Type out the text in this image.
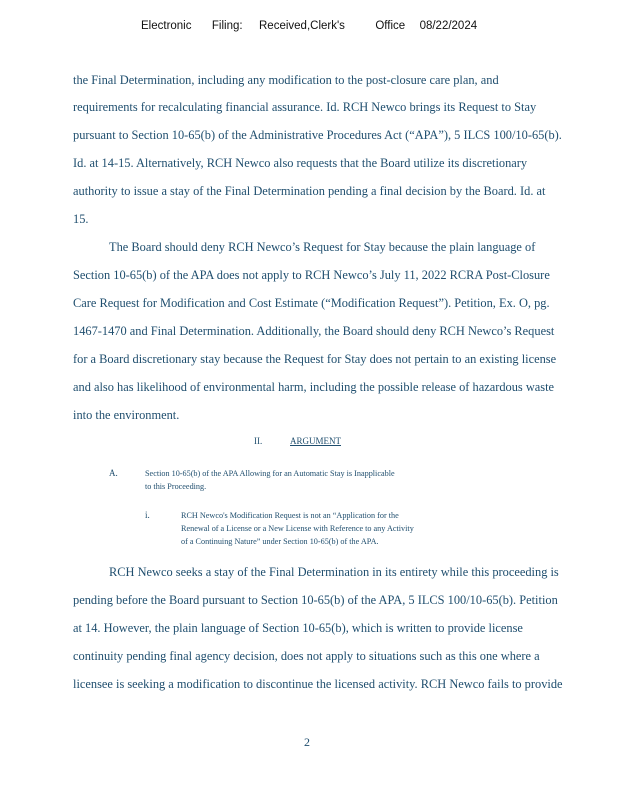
Electronic Filing: Received,Clerk's	Office 08/22/2024
the Final Determination, including any modification to the post-closure care plan, and
requirements for recalculating financial assurance. Id. RCH Newco brings its Request to Stay
pursuant to Section 10-65(b) of the Administrative Procedures Act (“APA”), 5 ILCS 100/10-65(b).
Id. at 14-15. Alternatively, RCH Newco also requests that the Board utilize its discretionary
authority to issue a stay of the Final Determination pending a final decision by the Board. Id. at
15.
The Board should deny RCH Newco’s Request for Stay because the plain language of
Section 10-65(b) of the APA does not apply to RCH Newco’s July 11, 2022 RCRA Post-Closure
Care Request for Modification and Cost Estimate (“Modification Request”). Petition, Ex. O, pg.
1467-1470 and Final Determination. Additionally, the Board should deny RCH Newco’s Request
for a Board discretionary stay because the Request for Stay does not pertain to an existing license
and also has likelihood of environmental harm, including the possible release of hazardous waste
into the environment.
II.	ARGUMENT
A.	Section 10-65(b) of the APA Allowing for an Automatic Stay is Inapplicable
to this Proceeding.
i.	RCH Newco's Modification Request is not an “Application for the
Renewal of a License or a New License with Reference to any Activity
of a Continuing Nature” under Section 10-65(b) of the APA.
RCH Newco seeks a stay of the Final Determination in its entirety while this proceeding is
pending before the Board pursuant to Section 10-65(b) of the APA, 5 ILCS 100/10-65(b). Petition
at 14. However, the plain language of Section 10-65(b), which is written to provide license
continuity pending final agency decision, does not apply to situations such as this one where a
licensee is seeking a modification to discontinue the licensed activity. RCH Newco fails to provide
2
